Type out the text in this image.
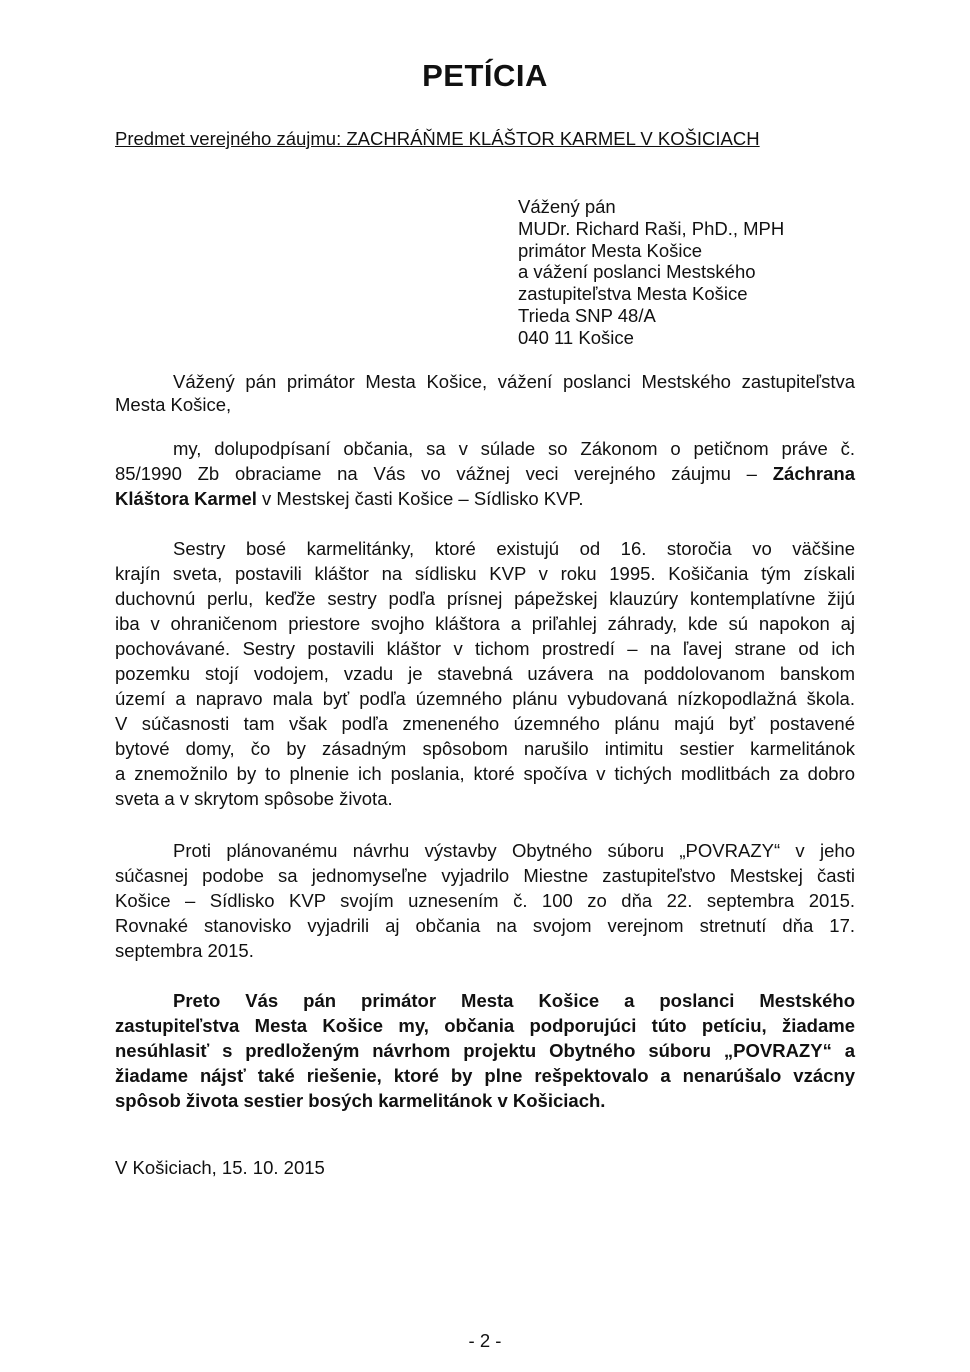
PETÍCIA
Predmet verejného záujmu: ZACHRÁŇME KLÁŠTOR KARMEL V KOŠICIACH
Vážený pán
MUDr. Richard Raši, PhD., MPH
primátor Mesta Košice
a vážení poslanci Mestského
zastupiteľstva Mesta Košice
Trieda SNP 48/A
040 11 Košice
Vážený pán primátor Mesta Košice, vážení poslanci Mestského zastupiteľstva
Mesta Košice,
my, dolupodpísaní občania, sa v súlade so Zákonom o petičnom práve č.
85/1990 Zb obraciame na Vás vo vážnej veci verejného záujmu – Záchrana
Kláštora Karmel v Mestskej časti Košice – Sídlisko KVP.
Sestry bosé karmelitánky, ktoré existujú od 16. storočia vo väčšine
krajín sveta, postavili kláštor na sídlisku KVP v roku 1995. Košičania tým získali
duchovnú perlu, keďže sestry podľa prísnej pápežskej klauzúry kontemplatívne žijú
iba v ohraničenom priestore svojho kláštora a priľahlej záhrady, kde sú napokon aj
pochovávané. Sestry postavili kláštor v tichom prostredí – na ľavej strane od ich
pozemku stojí vodojem, vzadu je stavebná uzávera na poddolovanom banskom
území a napravo mala byť podľa územného plánu vybudovaná nízkopodlažná škola.
V súčasnosti tam však podľa zmeneného územného plánu majú byť postavené
bytové domy, čo by zásadným spôsobom narušilo intimitu sestier karmelitánok
a znemožnilo by to plnenie ich poslania, ktoré spočíva v tichých modlitbách za dobro
sveta a v skrytom spôsobe života.
Proti plánovanému návrhu výstavby Obytného súboru „POVRAZY“ v jeho
súčasnej podobe sa jednomyseľne vyjadrilo Miestne zastupiteľstvo Mestskej časti
Košice – Sídlisko KVP svojím uznesením č. 100 zo dňa 22. septembra 2015.
Rovnaké stanovisko vyjadrili aj občania na svojom verejnom stretnutí dňa 17.
septembra 2015.
Preto Vás pán primátor Mesta Košice a poslanci Mestského
zastupiteľstva Mesta Košice my, občania podporujúci túto petíciu, žiadame
nesúhlasiť s predloženým návrhom projektu Obytného súboru „POVRAZY“ a
žiadame nájsť také riešenie, ktoré by plne rešpektovalo a nenarúšalo vzácny
spôsob života sestier bosých karmelitánok v Košiciach.
V Košiciach, 15. 10. 2015
- 2 -
